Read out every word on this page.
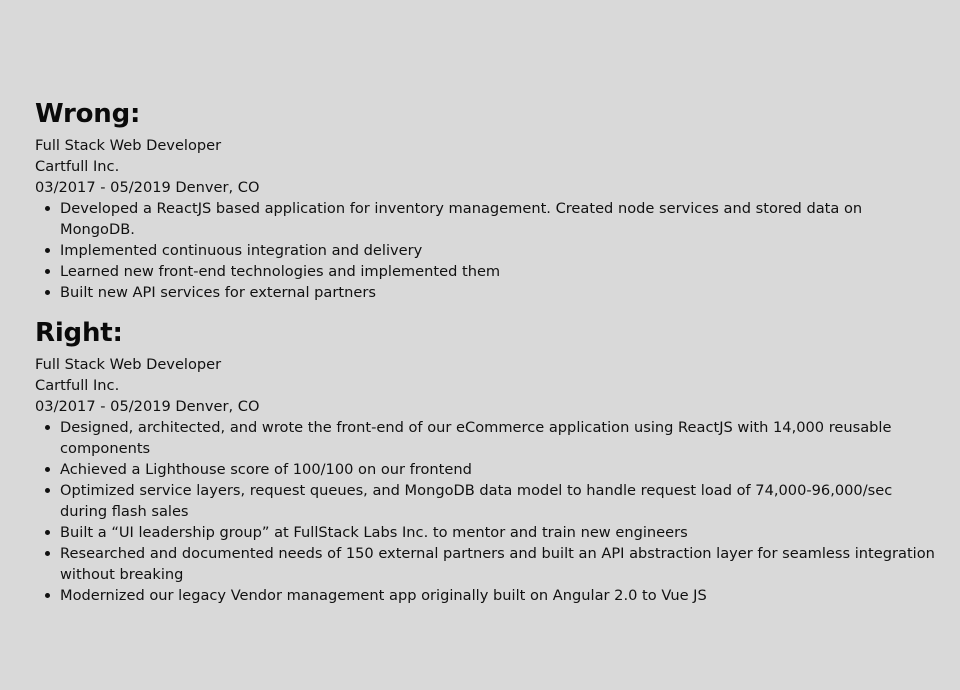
Wrong:

Full Stack Web Developer

Cartfull Inc.

03/2017 - 05/2019 Denver, CO

Developed a ReactJS based application for inventory management. Created node services and stored data on MongoDB.
Implemented continuous integration and delivery
Learned new front-end technologies and implemented them
Built new API services for external partners
Right:

Full Stack Web Developer

Cartfull Inc.

03/2017 - 05/2019 Denver, CO

Designed, architected, and wrote the front-end of our eCommerce application using ReactJS with 14,000 reusable components
Achieved a Lighthouse score of 100/100 on our frontend
Optimized service layers, request queues, and MongoDB data model to handle request load of 74,000-96,000/sec during flash sales
Built a “UI leadership group” at FullStack Labs Inc. to mentor and train new engineers
Researched and documented needs of 150 external partners and built an API abstraction layer for seamless integration without breaking
Modernized our legacy Vendor management app originally built on Angular 2.0 to Vue JS
